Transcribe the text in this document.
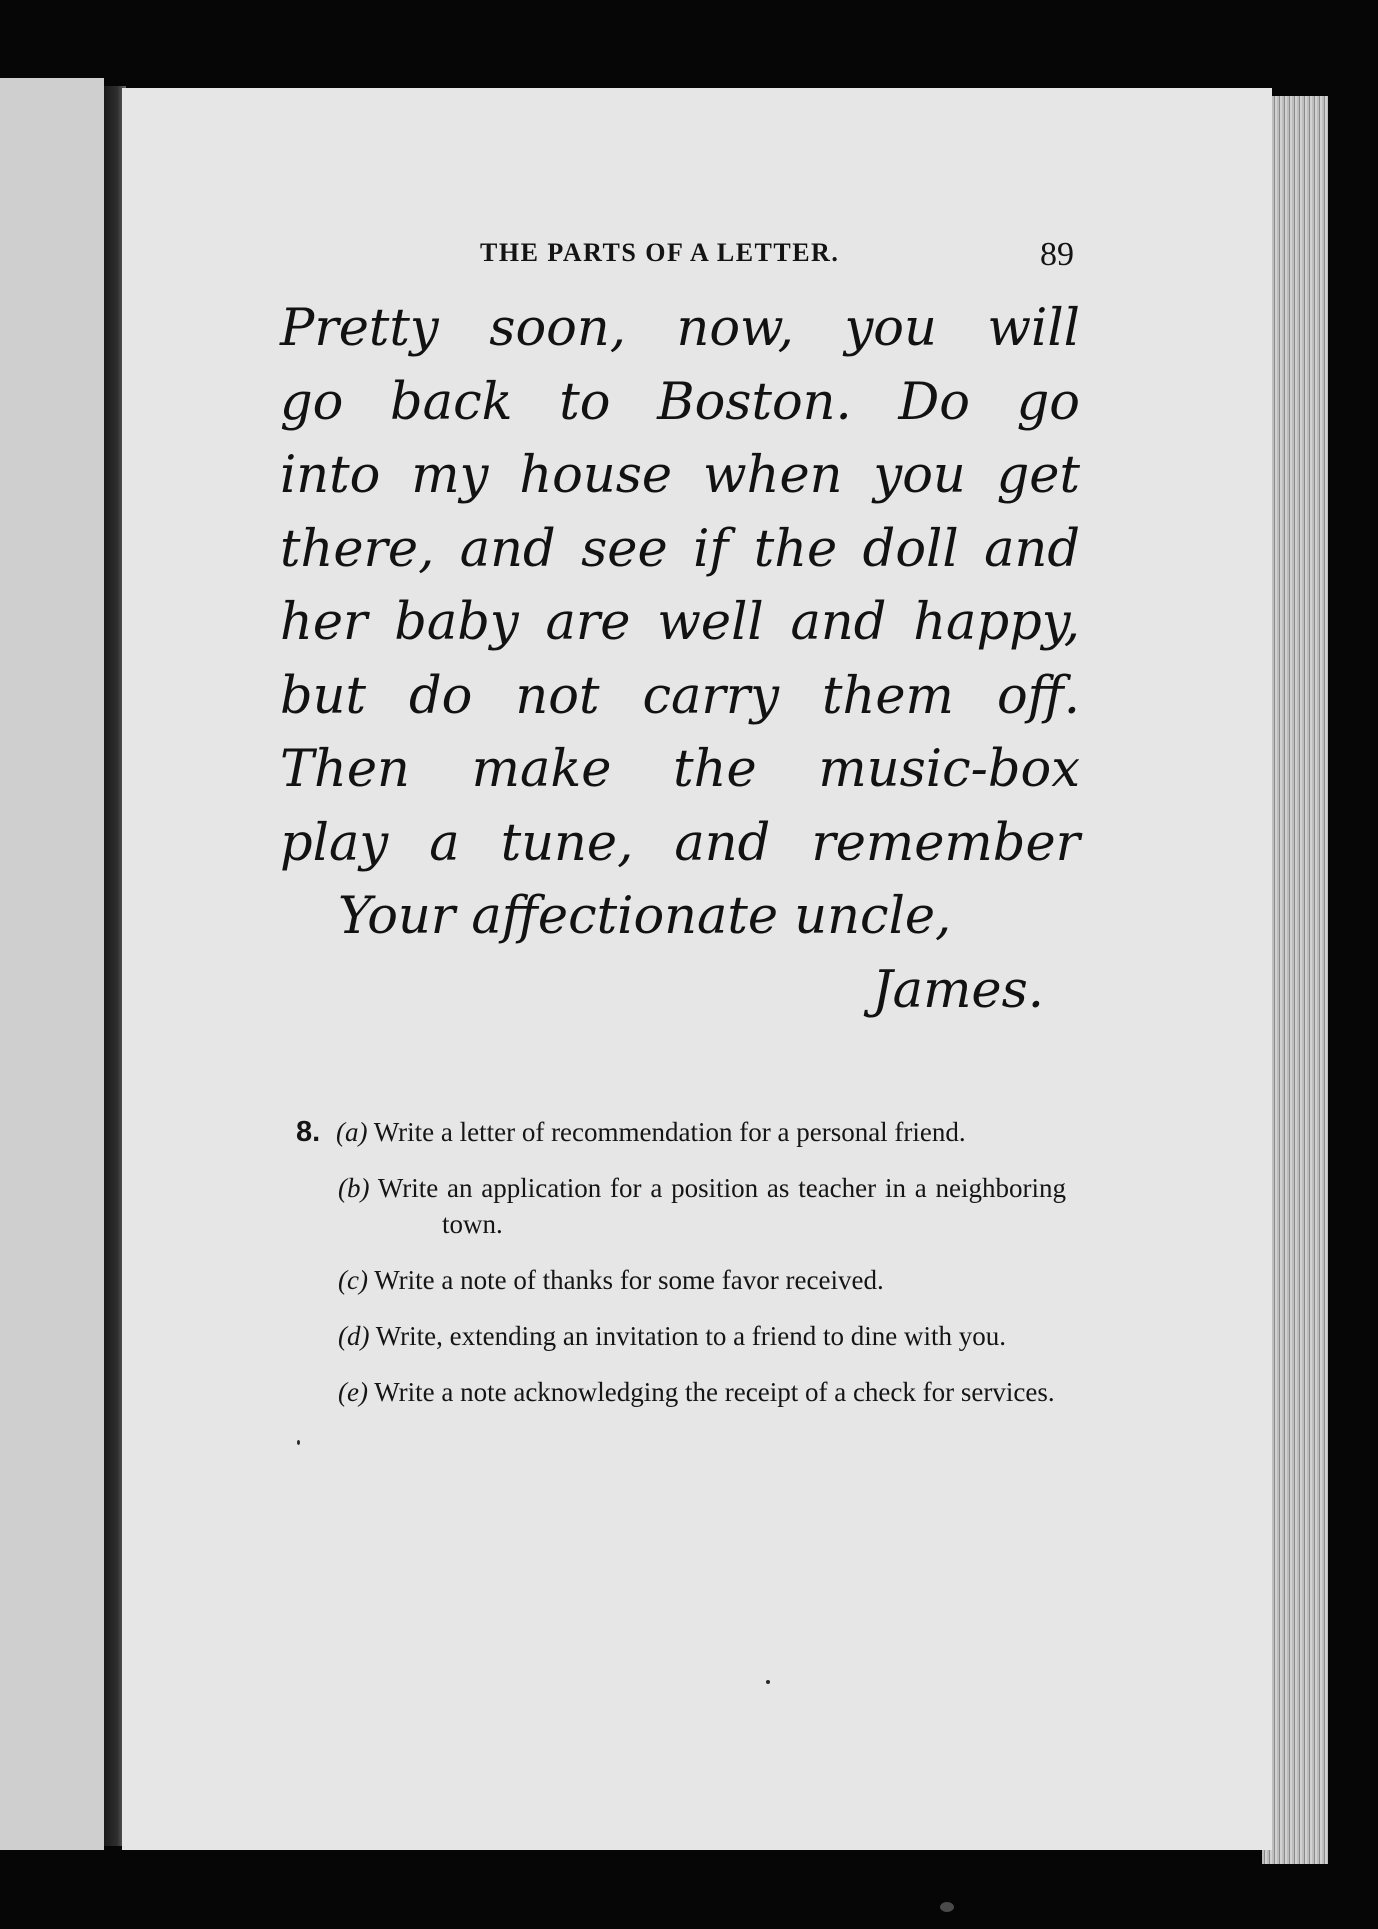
THE PARTS OF A LETTER.	89
Pretty soon, now, you will
go back to Boston. Do go
into my house when you get
there, and see if the doll and
her baby are well and happy,
but do not carry them off.
Then make the music-box
play a tune, and remember
Your affectionate uncle,
James.
8. (a) Write a letter of recommendation for a personal friend.
(b) Write an application for a position as teacher in a neighboring town.
(c) Write a note of thanks for some favor received.
(d) Write, extending an invitation to a friend to dine with you.
(e) Write a note acknowledging the receipt of a check for services.
